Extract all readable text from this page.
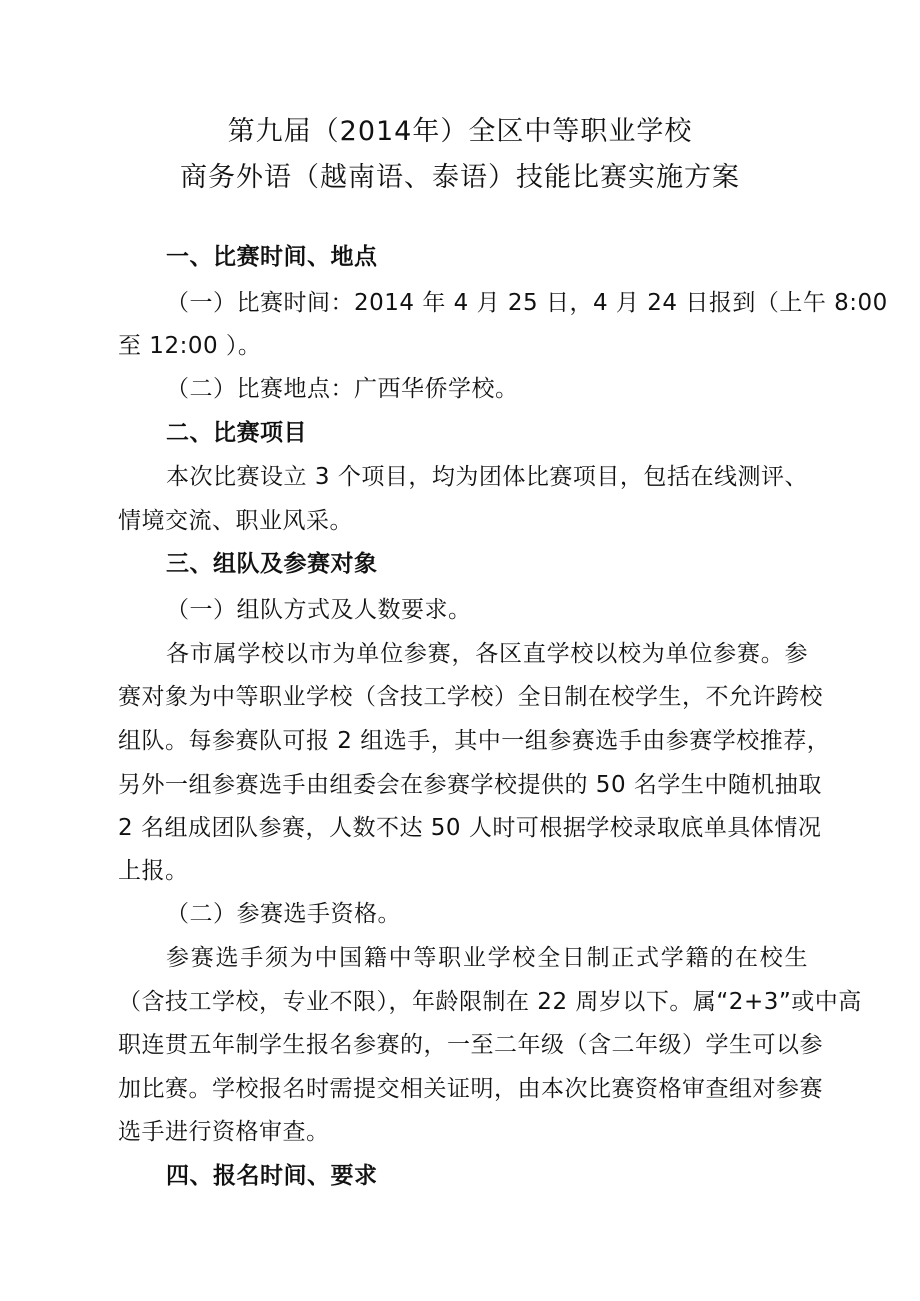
第九届（2014年）全区中等职业学校
商务外语（越南语、泰语）技能比赛实施方案
一、比赛时间、地点
（一）比赛时间：2014 年 4 月 25 日，4 月 24 日报到（上午 8:00
至 12:00 ）。
（二）比赛地点：广西华侨学校。
二、比赛项目
本次比赛设立 3 个项目，均为团体比赛项目，包括在线测评、
情境交流、职业风采。
三、组队及参赛对象
（一）组队方式及人数要求。
各市属学校以市为单位参赛，各区直学校以校为单位参赛。参
赛对象为中等职业学校（含技工学校）全日制在校学生，不允许跨校
组队。每参赛队可报 2 组选手，其中一组参赛选手由参赛学校推荐，
另外一组参赛选手由组委会在参赛学校提供的 50 名学生中随机抽取
2 名组成团队参赛，人数不达 50 人时可根据学校录取底单具体情况
上报。
（二）参赛选手资格。
参赛选手须为中国籍中等职业学校全日制正式学籍的在校生
（含技工学校，专业不限），年龄限制在 22 周岁以下。属“2+3”或中高
职连贯五年制学生报名参赛的，一至二年级（含二年级）学生可以参
加比赛。学校报名时需提交相关证明，由本次比赛资格审查组对参赛
选手进行资格审查。
四、报名时间、要求
